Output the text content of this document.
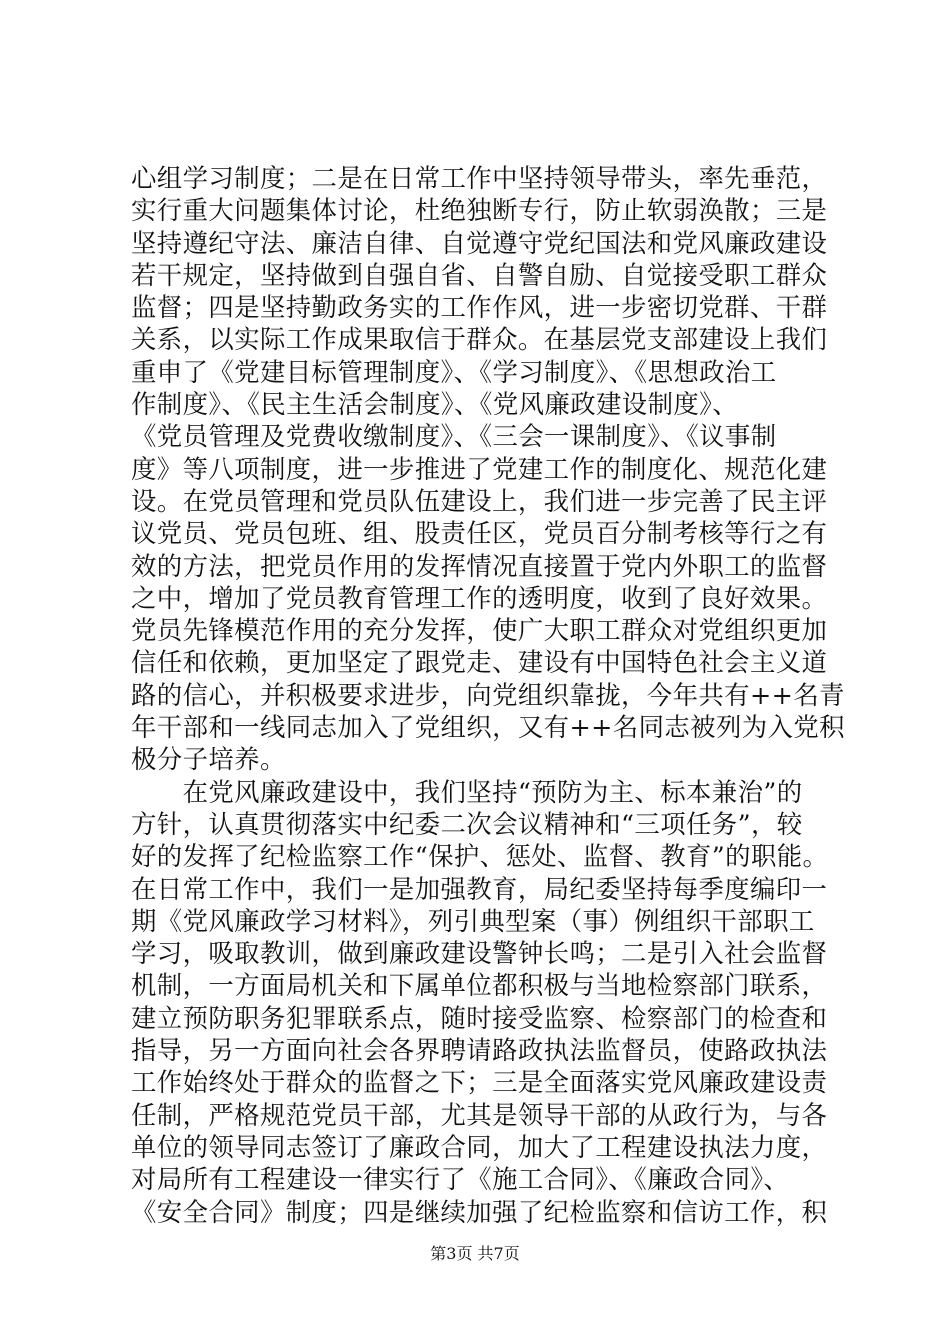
心组学习制度；二是在日常工作中坚持领导带头，率先垂范，
实行重大问题集体讨论，杜绝独断专行，防止软弱涣散；三是
坚持遵纪守法、廉洁自律、自觉遵守党纪国法和党风廉政建设
若干规定，坚持做到自强自省、自警自励、自觉接受职工群众
监督；四是坚持勤政务实的工作作风，进一步密切党群、干群
关系，以实际工作成果取信于群众。在基层党支部建设上我们
重申了《党建目标管理制度》、《学习制度》、《思想政治工
作制度》、《民主生活会制度》、《党风廉政建设制度》、
《党员管理及党费收缴制度》、《三会一课制度》、《议事制
度》等八项制度，进一步推进了党建工作的制度化、规范化建
设。在党员管理和党员队伍建设上，我们进一步完善了民主评
议党员、党员包班、组、股责任区，党员百分制考核等行之有
效的方法，把党员作用的发挥情况直接置于党内外职工的监督
之中，增加了党员教育管理工作的透明度，收到了良好效果。
党员先锋模范作用的充分发挥，使广大职工群众对党组织更加
信任和依赖，更加坚定了跟党走、建设有中国特色社会主义道
路的信心，并积极要求进步，向党组织靠拢，今年共有++名青
年干部和一线同志加入了党组织，又有++名同志被列为入党积
极分子培养。
　　在党风廉政建设中，我们坚持“预防为主、标本兼治”的
方针，认真贯彻落实中纪委二次会议精神和“三项任务”，较
好的发挥了纪检监察工作“保护、惩处、监督、教育”的职能。
在日常工作中，我们一是加强教育，局纪委坚持每季度编印一
期《党风廉政学习材料》，列引典型案（事）例组织干部职工
学习，吸取教训，做到廉政建设警钟长鸣；二是引入社会监督
机制，一方面局机关和下属单位都积极与当地检察部门联系，
建立预防职务犯罪联系点，随时接受监察、检察部门的检查和
指导，另一方面向社会各界聘请路政执法监督员，使路政执法
工作始终处于群众的监督之下；三是全面落实党风廉政建设责
任制，严格规范党员干部，尤其是领导干部的从政行为，与各
单位的领导同志签订了廉政合同，加大了工程建设执法力度，
对局所有工程建设一律实行了《施工合同》、《廉政合同》、
《安全合同》制度；四是继续加强了纪检监察和信访工作，积
第3页 共7页
